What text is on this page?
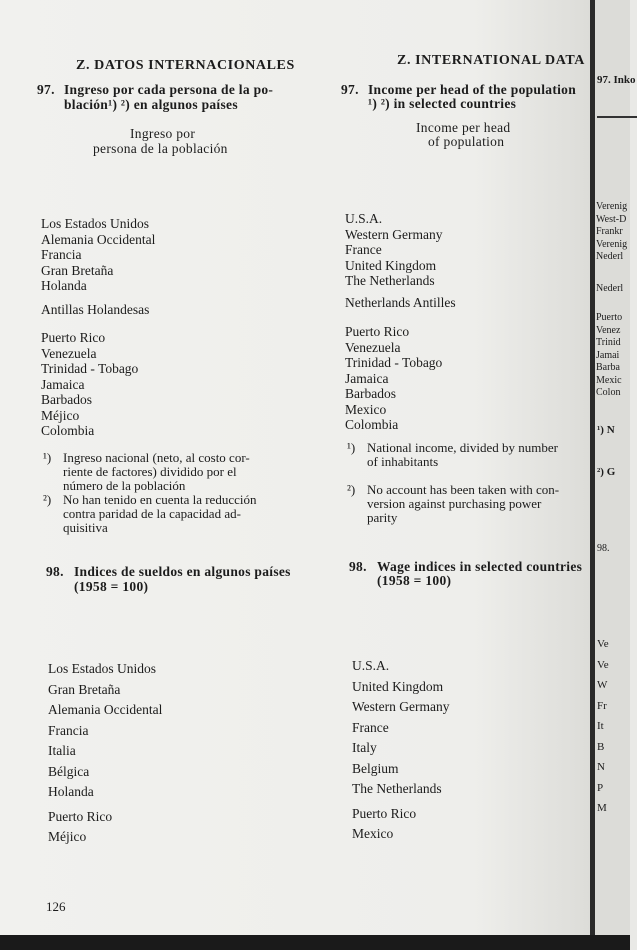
Z. DATOS INTERNACIONALES
97. Ingreso por cada persona de la po-
blación¹) ²) en algunos países
Ingreso por
persona de la población
Los Estados Unidos
Alemania Occidental
Francia
Gran Bretaña
Holanda
Antillas Holandesas
Puerto Rico
Venezuela
Trinidad - Tobago
Jamaica
Barbados
Méjico
Colombia
¹) Ingreso nacional (neto, al costo cor-
riente de factores) dividido por el
número de la población
²) No han tenido en cuenta la reducción
contra paridad de la capacidad ad-
quisitiva
98. Indices de sueldos en algunos países
(1958 = 100)
Los Estados Unidos
Gran Bretaña
Alemania Occidental
Francia
Italia
Bélgica
Holanda
Puerto Rico
Méjico
126
Z. INTERNATIONAL DATA
97. Income per head of the population
¹) ²) in selected countries
Income per head
of population
U.S.A.
Western Germany
France
United Kingdom
The Netherlands
Netherlands Antilles
Puerto Rico
Venezuela
Trinidad - Tobago
Jamaica
Barbados
Mexico
Colombia
¹) National income, divided by number
of inhabitants
²) No account has been taken with con-
version against purchasing power
parity
98. Wage indices in selected countries
(1958 = 100)
U.S.A.
United Kingdom
Western Germany
France
Italy
Belgium
The Netherlands
Puerto Rico
Mexico
97. Inko
Verenig
West-D
Frankr
Verenig
Nederl
Nederl
Puerto
Venez
Trinid
Jamai
Barba
Mexic
Colon
¹) N
²) G
98.
Ve
Ve
W
Fr
It
B
N
P
M
